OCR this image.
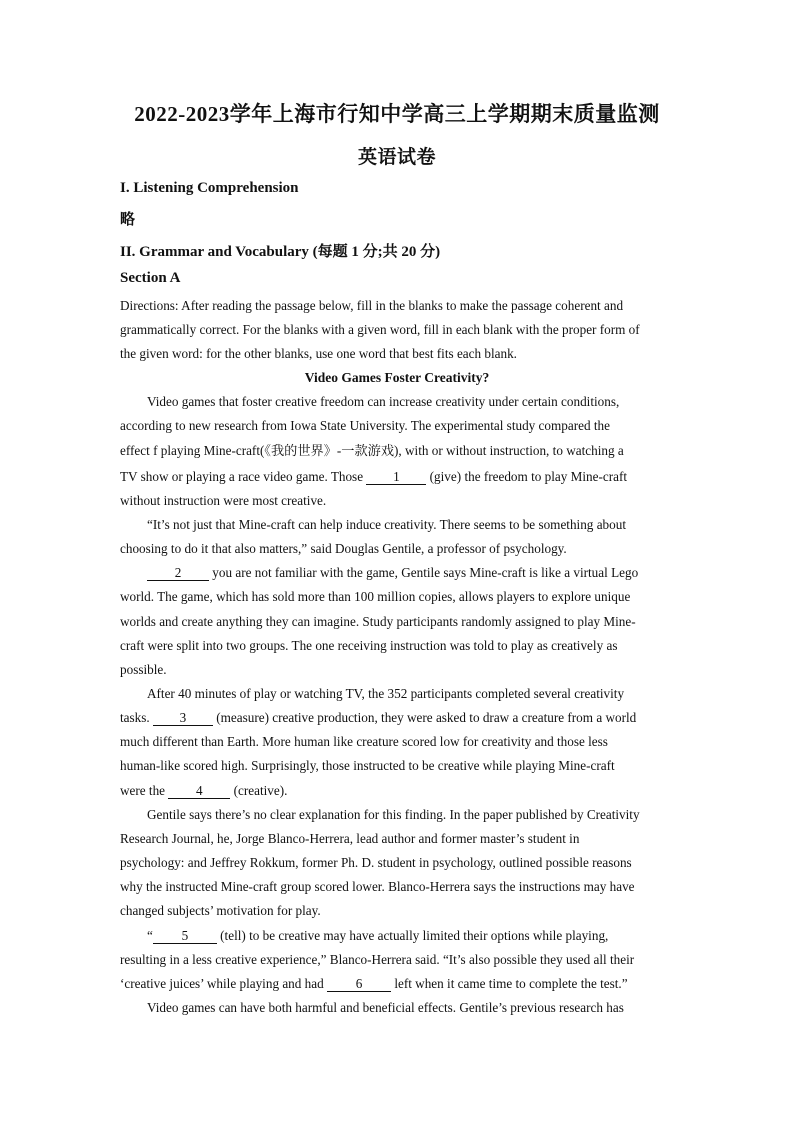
2022-2023学年上海市行知中学高三上学期期末质量监测
英语试卷
I. Listening Comprehension
略
II. Grammar and Vocabulary (每题 1 分;共 20 分)
Section A
Directions: After reading the passage below, fill in the blanks to make the passage coherent and
grammatically correct. For the blanks with a given word, fill in each blank with the proper form of
the given word: for the other blanks, use one word that best fits each blank.
Video Games Foster Creativity?
Video games that foster creative freedom can increase creativity under certain conditions,
according to new research from Iowa State University. The experimental study compared the
effect f playing Mine-craft(《我的世界》-一款游戏), with or without instruction, to watching a
TV show or playing a race video game. Those 1 (give) the freedom to play Mine-craft
without instruction were most creative.
“It’s not just that Mine-craft can help induce creativity. There seems to be something about
choosing to do it that also matters,” said Douglas Gentile, a professor of psychology.
2 you are not familiar with the game, Gentile says Mine-craft is like a virtual Lego
world. The game, which has sold more than 100 million copies, allows players to explore unique
worlds and create anything they can imagine. Study participants randomly assigned to play Mine-
craft were split into two groups. The one receiving instruction was told to play as creatively as
possible.
After 40 minutes of play or watching TV, the 352 participants completed several creativity
tasks. 3 (measure) creative production, they were asked to draw a creature from a world
much different than Earth. More human like creature scored low for creativity and those less
human-like scored high. Surprisingly, those instructed to be creative while playing Mine-craft
were the 4 (creative).
Gentile says there’s no clear explanation for this finding. In the paper published by Creativity
Research Journal, he, Jorge Blanco-Herrera, lead author and former master’s student in
psychology: and Jeffrey Rokkum, former Ph. D. student in psychology, outlined possible reasons
why the instructed Mine-craft group scored lower. Blanco-Herrera says the instructions may have
changed subjects’ motivation for play.
“ 5 (tell) to be creative may have actually limited their options while playing,
resulting in a less creative experience,” Blanco-Herrera said. “It’s also possible they used all their
‘creative juices’ while playing and had 6 left when it came time to complete the test.”
Video games can have both harmful and beneficial effects. Gentile’s previous research has
